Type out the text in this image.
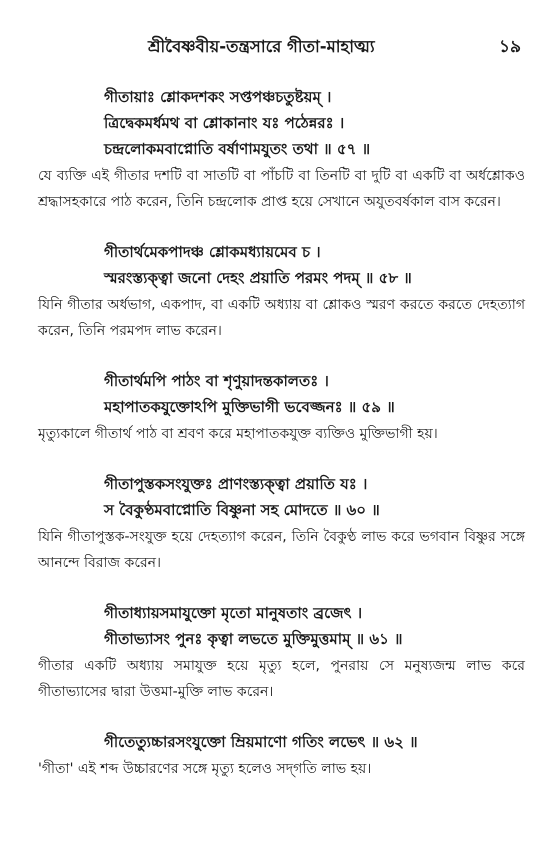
শ্রীবৈষ্ণবীয়-তন্ত্রসারে গীতা-মাহাত্ম্য	১৯
গীতায়াঃ শ্লোকদশকং সপ্তপঞ্চচতুষ্টয়ম্ ।
ত্রিদ্বেকমর্ধমথ বা শ্লোকানাং যঃ পঠেন্নরঃ ।
চন্দ্রলোকমবাপ্নোতি বর্ষাণামযুতং তথা ॥ ৫৭ ॥
যে ব্যক্তি এই গীতার দশটি বা সাতটি বা পাঁচটি বা তিনটি বা দুটি বা একটি বা অর্ধশ্লোকও শ্রদ্ধাসহকারে পাঠ করেন, তিনি চন্দ্রলোক প্রাপ্ত হয়ে সেখানে অযুতবর্ষকাল বাস করেন।
গীতার্থমেকপাদঞ্চ শ্লোকমধ্যায়মেব চ ।
স্মরংস্ত্যক্ত্বা জনো দেহং প্রয়াতি পরমং পদম্ ॥ ৫৮ ॥
যিনি গীতার অর্ধভাগ, একপাদ, বা একটি অধ্যায় বা শ্লোকও স্মরণ করতে করতে দেহত্যাগ করেন, তিনি পরমপদ লাভ করেন।
গীতার্থমপি পাঠং বা শৃণুয়াদন্তকালতঃ ।
মহাপাতকযুক্তোঽপি মুক্তিভাগী ভবেজ্জনঃ ॥ ৫৯ ॥
মৃত্যুকালে গীতার্থ পাঠ বা শ্রবণ করে মহাপাতকযুক্ত ব্যক্তিও মুক্তিভাগী হয়।
গীতাপুস্তকসংযুক্তঃ প্রাণংস্ত্যক্ত্বা প্রয়াতি যঃ ।
স বৈকুণ্ঠমবাপ্নোতি বিষ্ণুনা সহ মোদতে ॥ ৬০ ॥
যিনি গীতাপুস্তক-সংযুক্ত হয়ে দেহত্যাগ করেন, তিনি বৈকুণ্ঠ লাভ করে ভগবান বিষ্ণুর সঙ্গে আনন্দে বিরাজ করেন।
গীতাধ্যায়সমাযুক্তো মৃতো মানুষতাং ব্রজেৎ ।
গীতাভ্যাসং পুনঃ কৃত্বা লভতে মুক্তিমুত্তমাম্ ॥ ৬১ ॥
গীতার একটি অধ্যায় সমাযুক্ত হয়ে মৃত্যু হলে, পুনরায় সে মনুষ্যজন্ম লাভ করে গীতাভ্যাসের দ্বারা উত্তমা-মুক্তি লাভ করেন।
গীতেত্যুচ্চারসংযুক্তো ম্রিয়মাণো গতিং লভেৎ ॥ ৬২ ॥
'গীতা' এই শব্দ উচ্চারণের সঙ্গে মৃত্যু হলেও সদ্‌গতি লাভ হয়।
